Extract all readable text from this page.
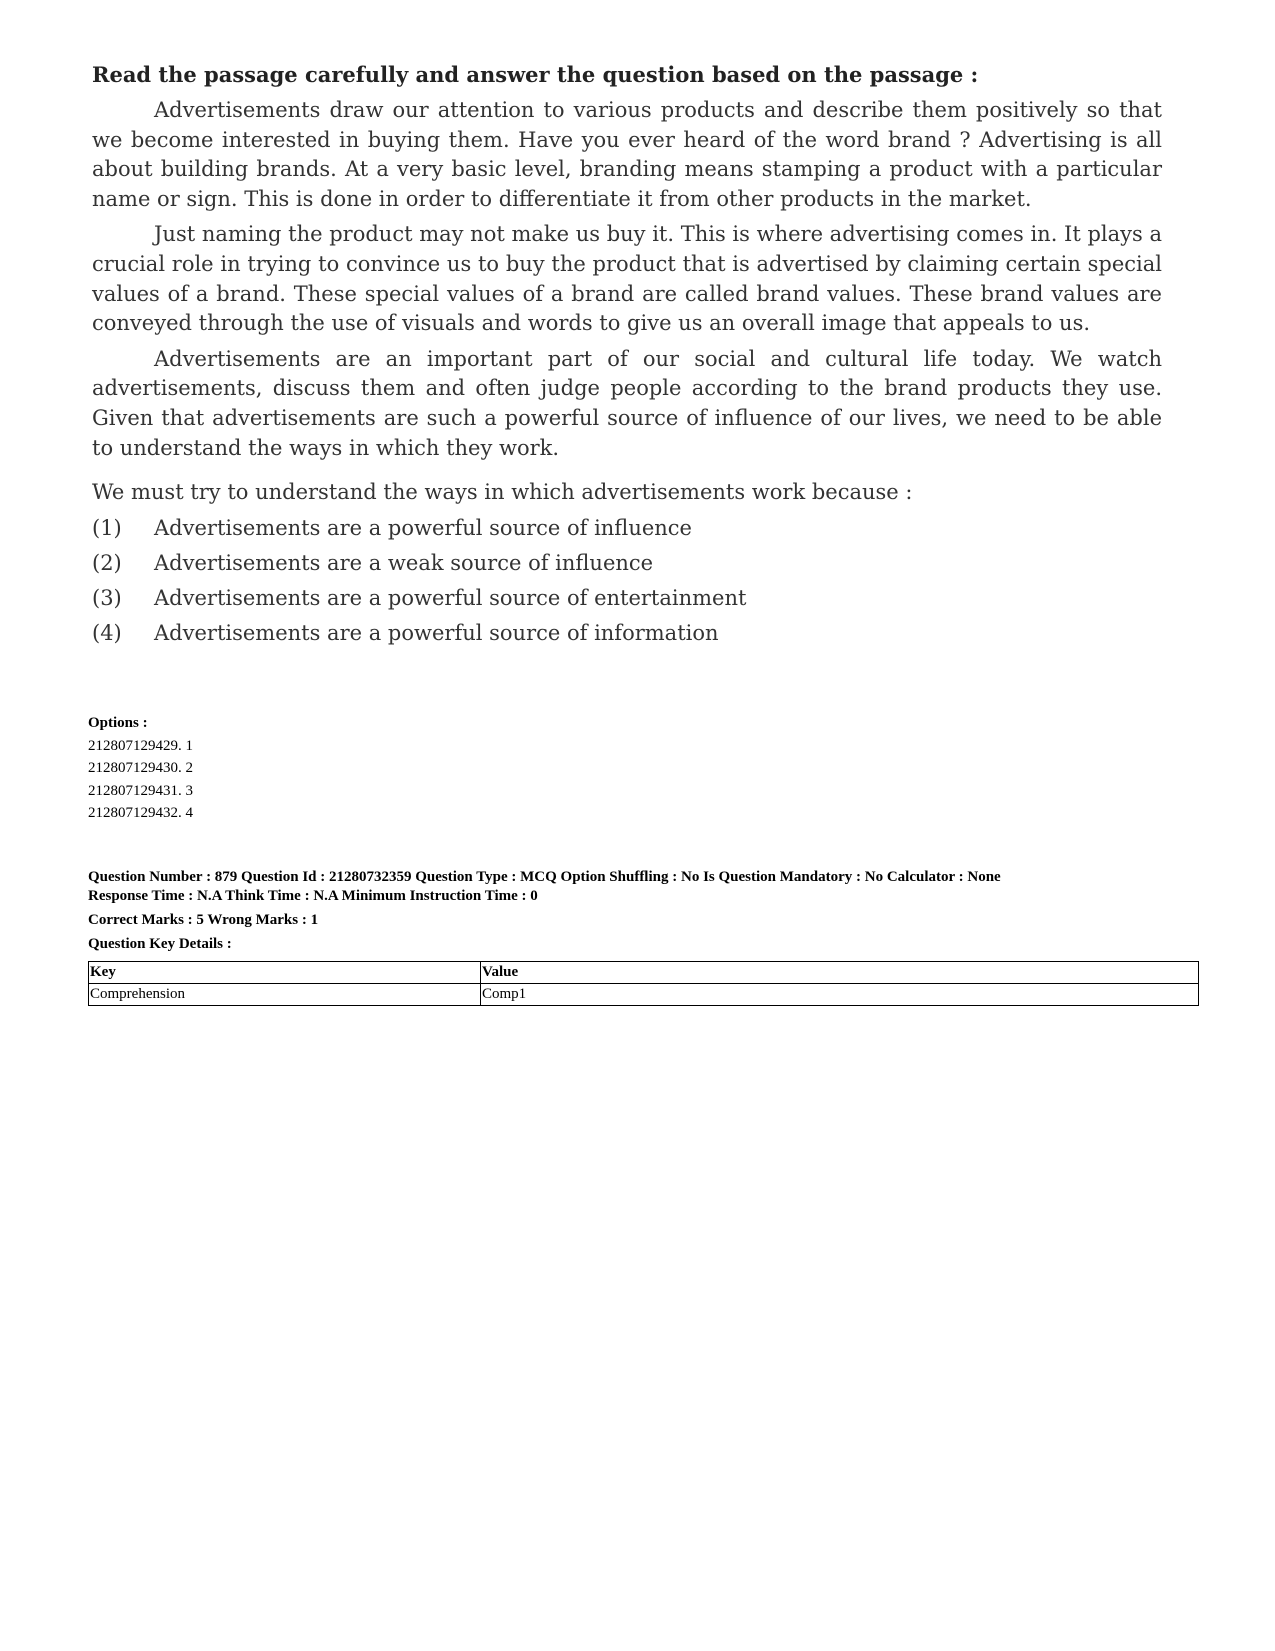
Read the passage carefully and answer the question based on the passage :

Advertisements draw our attention to various products and describe them positively so that we become interested in buying them. Have you ever heard of the word brand ? Advertising is all about building brands. At a very basic level, branding means stamping a product with a particular name or sign. This is done in order to differentiate it from other products in the market.

Just naming the product may not make us buy it. This is where advertising comes in. It plays a crucial role in trying to convince us to buy the product that is advertised by claiming certain special values of a brand. These special values of a brand are called brand values. These brand values are conveyed through the use of visuals and words to give us an overall image that appeals to us.

Advertisements are an important part of our social and cultural life today. We watch advertisements, discuss them and often judge people according to the brand products they use. Given that advertisements are such a powerful source of influence of our lives, we need to be able to understand the ways in which they work.

We must try to understand the ways in which advertisements work because :

(1)	Advertisements are a powerful source of influence
(2)	Advertisements are a weak source of influence
(3)	Advertisements are a powerful source of entertainment
(4)	Advertisements are a powerful source of information
Options :
212807129429. 1
212807129430. 2
212807129431. 3
212807129432. 4

Question Number : 879 Question Id : 21280732359 Question Type : MCQ Option Shuffling : No Is Question Mandatory : No Calculator : None

Response Time : N.A Think Time : N.A Minimum Instruction Time : 0

Correct Marks : 5 Wrong Marks : 1

Question Key Details :

Key	Value
Comprehension	Comp1
